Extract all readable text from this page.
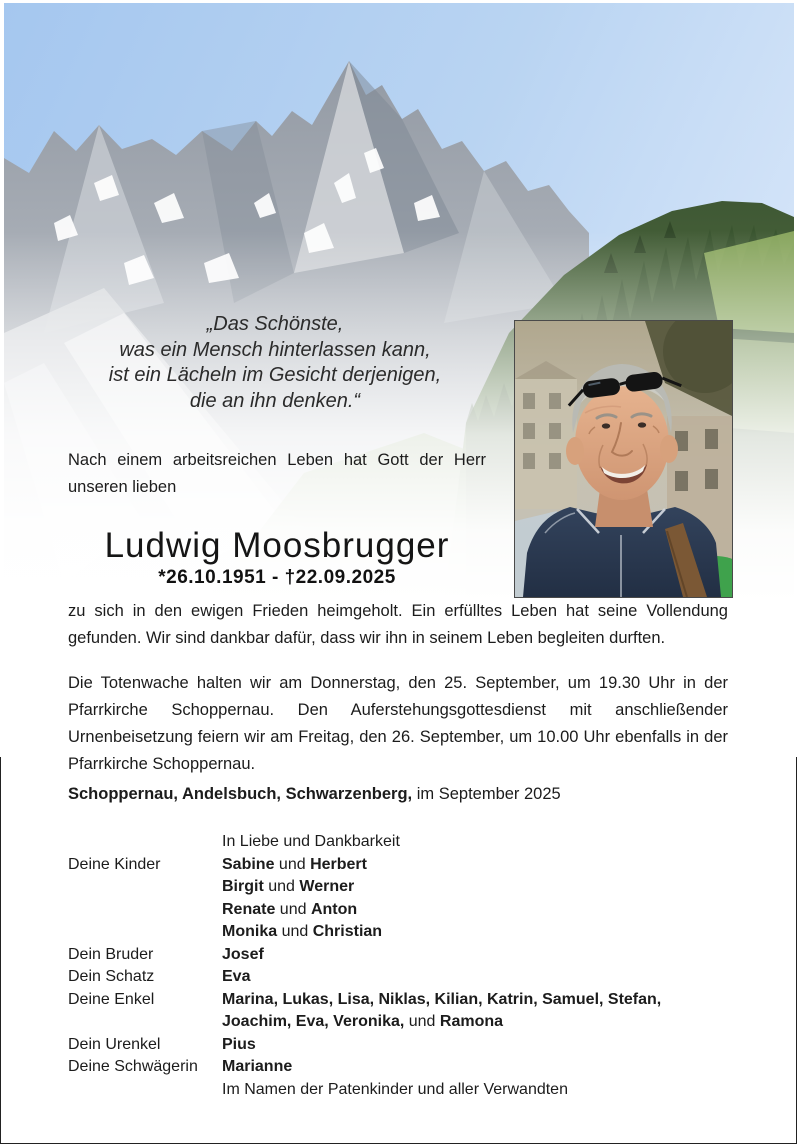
„Das Schönste,
was ein Mensch hinterlassen kann,
ist ein Lächeln im Gesicht derjenigen,
die an ihn denken.“
Nach einem arbeitsreichen Leben hat Gott der Herr unseren lieben
Ludwig Moosbrugger
*26.10.1951 - †22.09.2025
zu sich in den ewigen Frieden heimgeholt. Ein erfülltes Leben hat seine Vollendung gefunden. Wir sind dankbar dafür, dass wir ihn in seinem Leben begleiten durften.
Die Totenwache halten wir am Donnerstag, den 25. September, um 19.30 Uhr in der Pfarrkirche Schoppernau. Den Auferstehungsgottesdienst mit anschließender Urnenbeisetzung feiern wir am Freitag, den 26. September, um 10.00 Uhr ebenfalls in der Pfarrkirche Schoppernau.
Schoppernau, Andelsbuch, Schwarzenberg, im September 2025
In Liebe und Dankbarkeit
Deine Kinder	Sabine und Herbert
Birgit und Werner
Renate und Anton
Monika und Christian
Dein Bruder	Josef
Dein Schatz	Eva
Deine Enkel	Marina, Lukas, Lisa, Niklas, Kilian, Katrin, Samuel, Stefan,
Joachim, Eva, Veronika, und Ramona
Dein Urenkel	Pius
Deine Schwägerin	Marianne
Im Namen der Patenkinder und aller Verwandten
